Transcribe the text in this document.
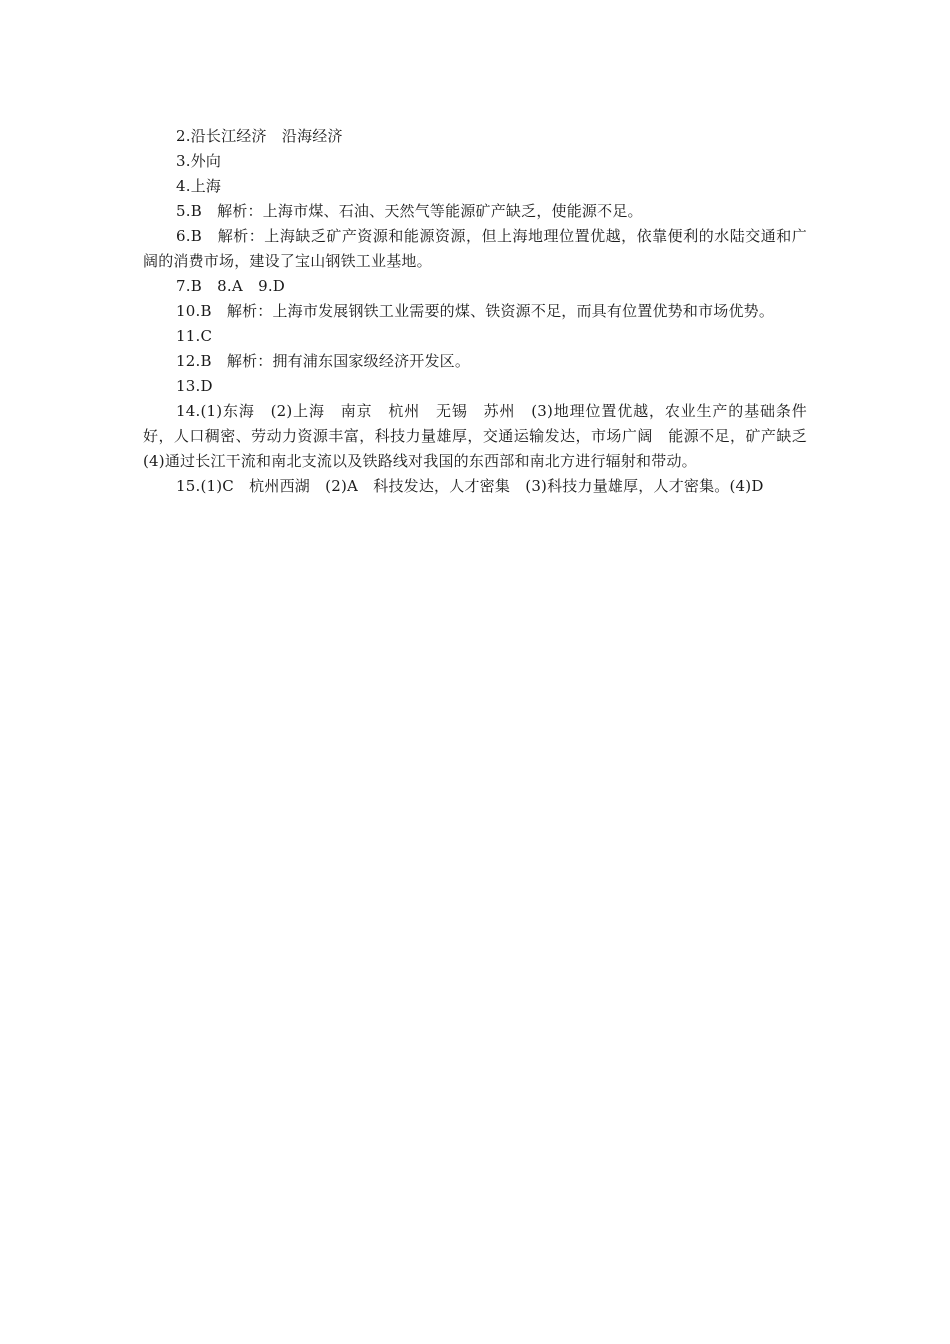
2.沿长江经济　沿海经济

3.外向

4.上海

5.B　解析：上海市煤、石油、天然气等能源矿产缺乏，使能源不足。

6.B　解析：上海缺乏矿产资源和能源资源，但上海地理位置优越，依靠便利的水陆交通和广阔的消费市场，建设了宝山钢铁工业基地。

7.B　8.A　9.D

10.B　解析：上海市发展钢铁工业需要的煤、铁资源不足，而具有位置优势和市场优势。

11.C

12.B　解析：拥有浦东国家级经济开发区。

13.D

14.(1)东海　(2)上海　南京　杭州　无锡　苏州　(3)地理位置优越，农业生产的基础条件好，人口稠密、劳动力资源丰富，科技力量雄厚，交通运输发达，市场广阔　能源不足，矿产缺乏　(4)通过长江干流和南北支流以及铁路线对我国的东西部和南北方进行辐射和带动。

15.(1)C　杭州西湖　(2)A　科技发达，人才密集　(3)科技力量雄厚，人才密集。(4)D
